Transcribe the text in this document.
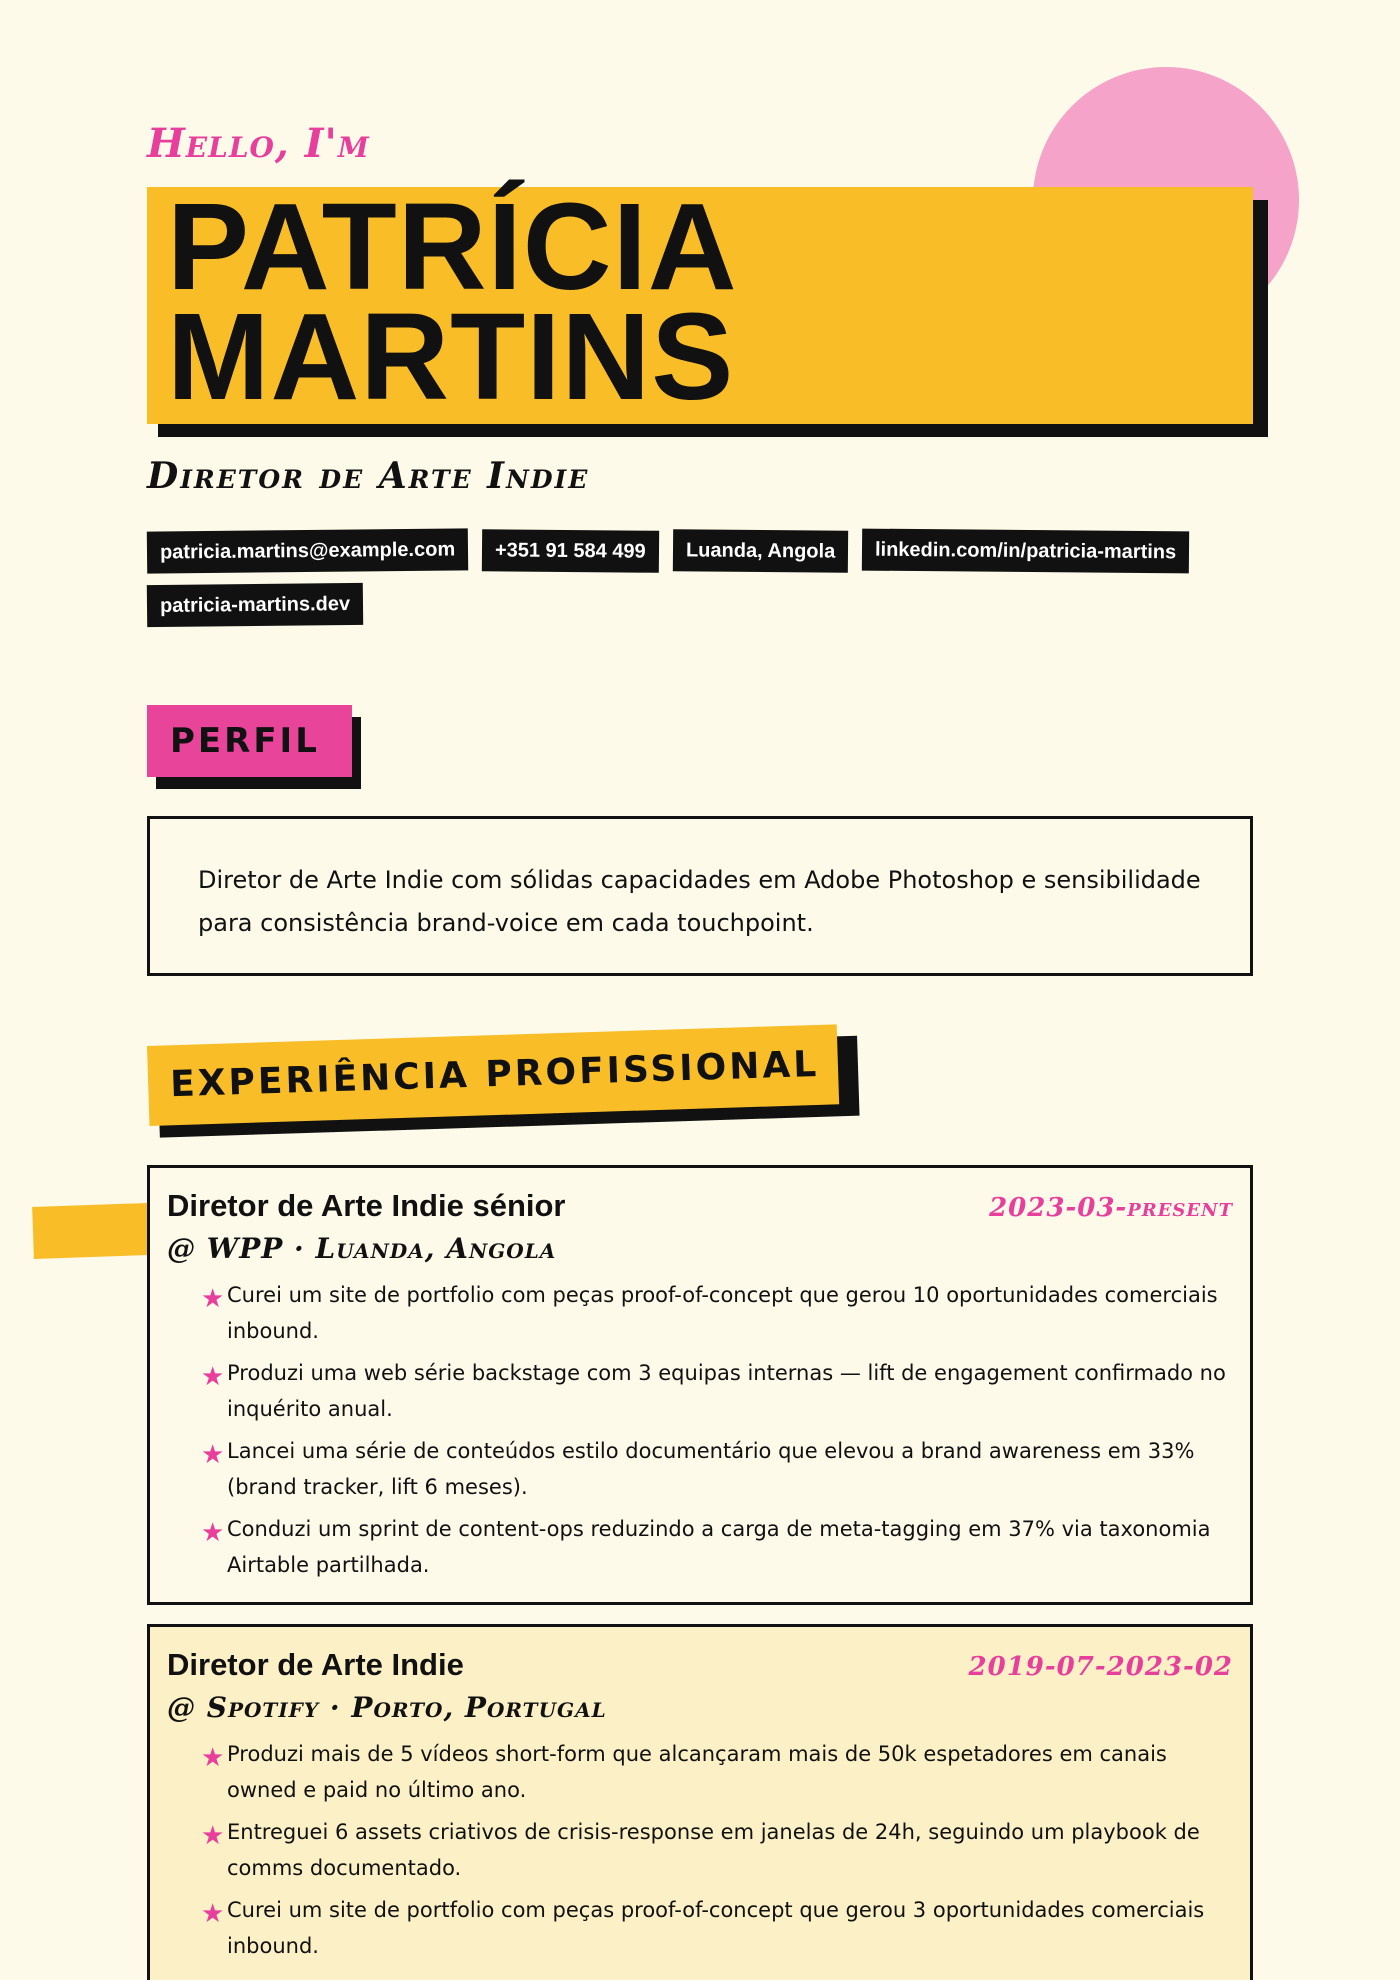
Hello, I'm
PATRÍCIA
MARTINS
Diretor de Arte Indie
patricia.martins@example.com	+351 91 584 499	Luanda, Angola	linkedin.com/in/patricia-martins
patricia-martins.dev
PERFIL
Diretor de Arte Indie com sólidas capacidades em Adobe Photoshop e sensibilidade para consistência brand-voice em cada touchpoint.
EXPERIÊNCIA PROFISSIONAL
Diretor de Arte Indie sénior	2023-03-present
@ WPP · Luanda, Angola
★ Curei um site de portfolio com peças proof-of-concept que gerou 10 oportunidades comerciais inbound.
★ Produzi uma web série backstage com 3 equipas internas — lift de engagement confirmado no inquérito anual.
★ Lancei uma série de conteúdos estilo documentário que elevou a brand awareness em 33% (brand tracker, lift 6 meses).
★ Conduzi um sprint de content-ops reduzindo a carga de meta-tagging em 37% via taxonomia Airtable partilhada.
Diretor de Arte Indie	2019-07-2023-02
@ Spotify · Porto, Portugal
★ Produzi mais de 5 vídeos short-form que alcançaram mais de 50k espetadores em canais owned e paid no último ano.
★ Entreguei 6 assets criativos de crisis-response em janelas de 24h, seguindo um playbook de comms documentado.
★ Curei um site de portfolio com peças proof-of-concept que gerou 3 oportunidades comerciais inbound.
